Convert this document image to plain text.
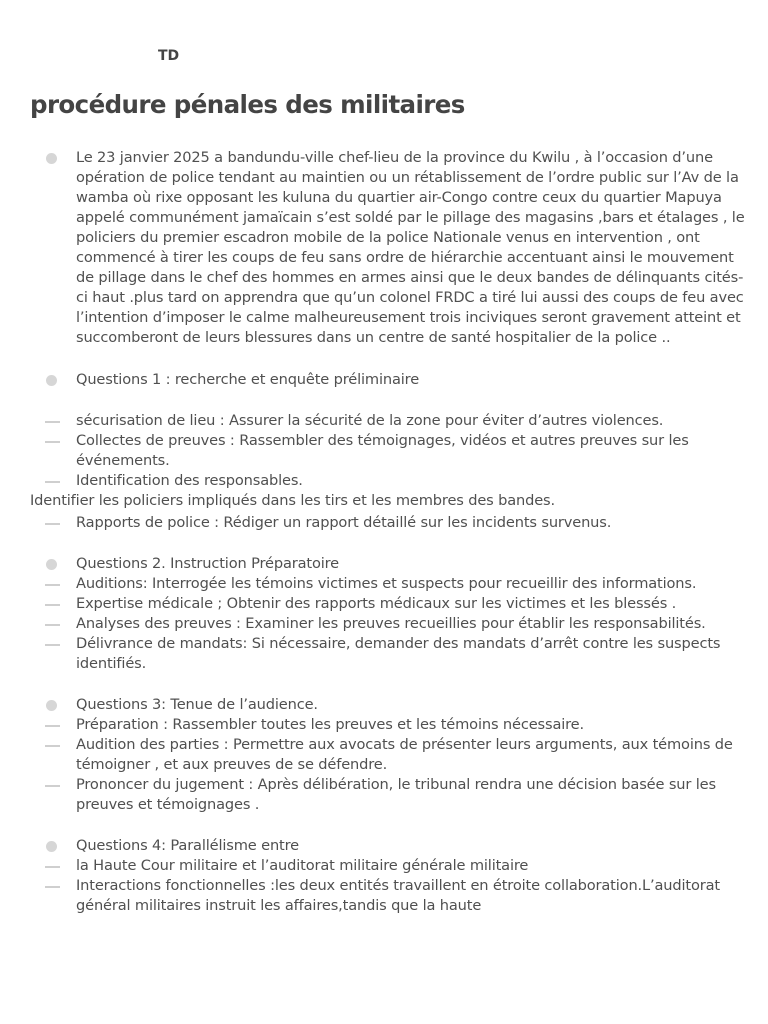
TD
procédure pénales des militaires
Le 23 janvier 2025 a bandundu-ville chef-lieu de la province du Kwilu , à l’occasion d’une opération de police tendant au maintien ou un rétablissement de l’ordre public sur l’Av de la wamba où rixe opposant les kuluna du quartier air-Congo contre ceux du quartier Mapuya appelé communément jamaïcain s’est soldé par le pillage des magasins ,bars et étalages , le policiers du premier escadron mobile de la police Nationale venus en intervention , ont commencé à tirer les coups de feu sans ordre de hiérarchie accentuant ainsi le mouvement de pillage dans le chef des hommes en armes ainsi que le deux bandes de délinquants cités-ci haut .plus tard on apprendra que qu’un colonel FRDC a tiré lui aussi des coups de feu avec l’intention d’imposer le calme malheureusement trois inciviques seront gravement atteint et succomberont de leurs blessures dans un centre de santé hospitalier de la police ..
Questions 1 : recherche et enquête préliminaire
sécurisation de lieu : Assurer la sécurité de la zone pour éviter d’autres violences.
Collectes de preuves : Rassembler des témoignages, vidéos et autres preuves sur les événements.
Identification des responsables.
Identifier les policiers impliqués dans les tirs et les membres des bandes.
Rapports de police : Rédiger un rapport détaillé sur les incidents survenus.
Questions 2. Instruction Préparatoire
Auditions: Interrogée les témoins victimes et suspects pour recueillir des informations.
Expertise médicale ; Obtenir des rapports médicaux sur les victimes et les blessés .
Analyses des preuves : Examiner les preuves recueillies pour établir les responsabilités.
Délivrance de mandats: Si nécessaire, demander des mandats d’arrêt contre les suspects identifiés.
Questions 3: Tenue de l’audience.
Préparation : Rassembler toutes les preuves et les témoins nécessaire.
Audition des parties : Permettre aux avocats de présenter leurs arguments, aux témoins de témoigner , et aux preuves de se défendre.
Prononcer du jugement : Après délibération, le tribunal rendra une décision basée sur les preuves et témoignages .
Questions 4: Parallélisme entre
la Haute Cour militaire et l’auditorat militaire générale militaire
Interactions fonctionnelles :les deux entités travaillent en étroite collaboration.L’auditorat général militaires instruit les affaires,tandis que la haute
